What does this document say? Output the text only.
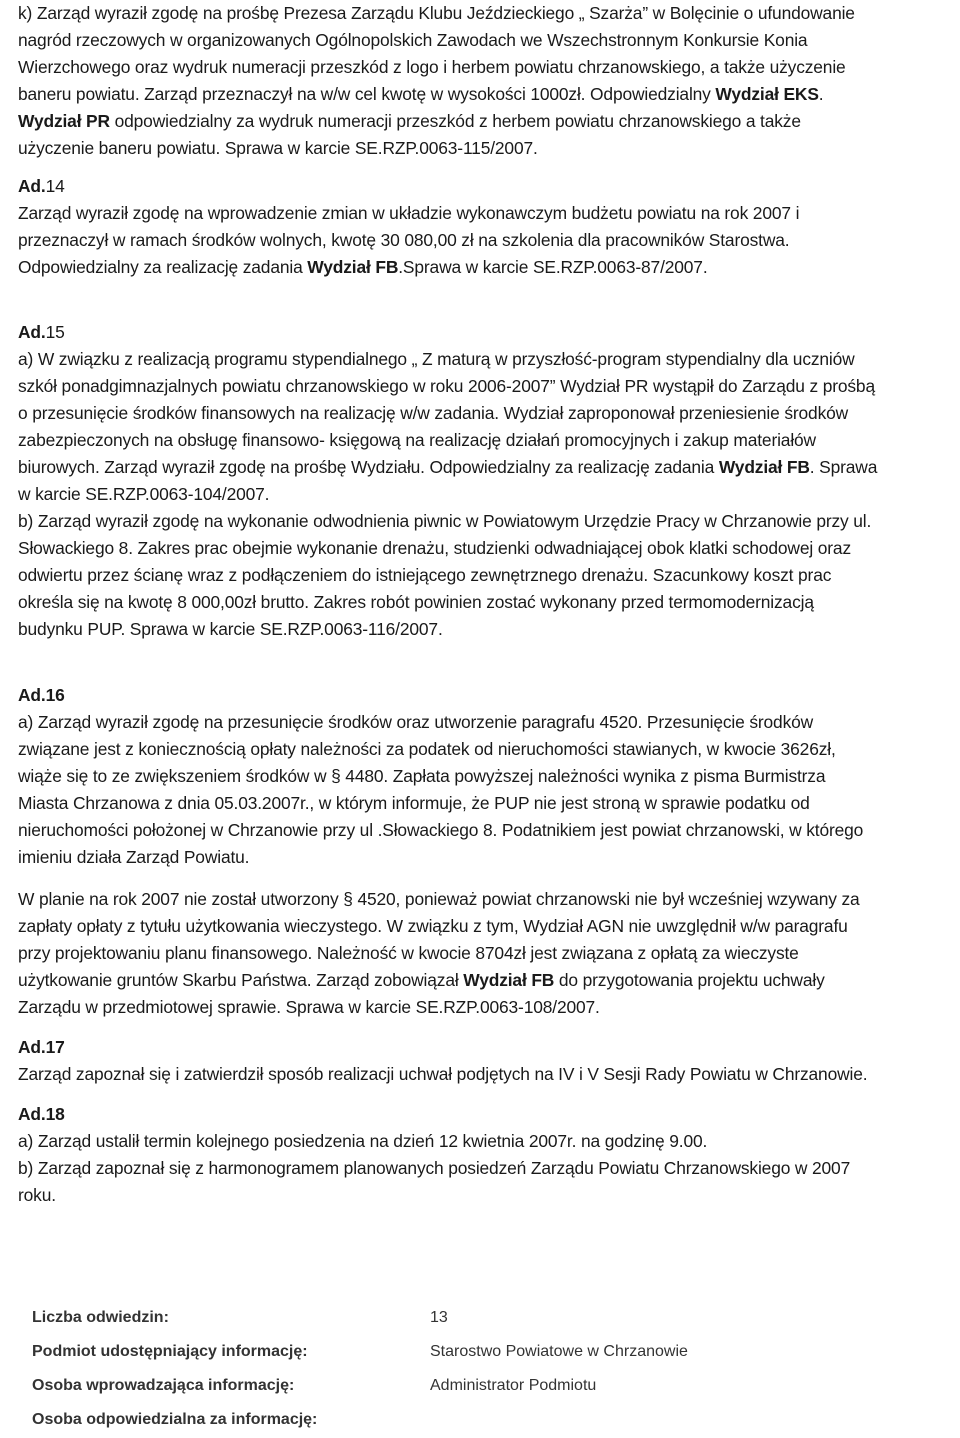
k) Zarząd wyraził zgodę na prośbę Prezesa Zarządu Klubu Jeździeckiego „ Szarża” w Bolęcinie o ufundowanie
nagród rzeczowych w organizowanych Ogólnopolskich Zawodach we Wszechstronnym Konkursie Konia
Wierzchowego oraz wydruk numeracji przeszkód z logo i herbem powiatu chrzanowskiego, a także użyczenie
baneru powiatu. Zarząd przeznaczył na w/w cel kwotę w wysokości 1000zł. Odpowiedzialny Wydział EKS.
Wydział PR odpowiedzialny za wydruk numeracji przeszkód z herbem powiatu chrzanowskiego a także
użyczenie baneru powiatu. Sprawa w karcie SE.RZP.0063-115/2007.
Ad.14
Zarząd wyraził zgodę na wprowadzenie zmian w układzie wykonawczym budżetu powiatu na rok 2007 i
przeznaczył w ramach środków wolnych, kwotę 30 080,00 zł na szkolenia dla pracowników Starostwa.
Odpowiedzialny za realizację zadania Wydział FB.Sprawa w karcie SE.RZP.0063-87/2007.
Ad.15
a) W związku z realizacją programu stypendialnego „ Z maturą w przyszłość-program stypendialny dla uczniów
szkół ponadgimnazjalnych powiatu chrzanowskiego w roku 2006-2007” Wydział PR wystąpił do Zarządu z prośbą
o przesunięcie środków finansowych na realizację w/w zadania. Wydział zaproponował przeniesienie środków
zabezpieczonych na obsługę finansowo- księgową na realizację działań promocyjnych i zakup materiałów
biurowych. Zarząd wyraził zgodę na prośbę Wydziału. Odpowiedzialny za realizację zadania Wydział FB. Sprawa
w karcie SE.RZP.0063-104/2007.
b) Zarząd wyraził zgodę na wykonanie odwodnienia piwnic w Powiatowym Urzędzie Pracy w Chrzanowie przy ul.
Słowackiego 8. Zakres prac obejmie wykonanie drenażu, studzienki odwadniającej obok klatki schodowej oraz
odwiertu przez ścianę wraz z podłączeniem do istniejącego zewnętrznego drenażu. Szacunkowy koszt prac
określa się na kwotę 8 000,00zł brutto. Zakres robót powinien zostać wykonany przed termomodernizacją
budynku PUP. Sprawa w karcie SE.RZP.0063-116/2007.
Ad.16
a) Zarząd wyraził zgodę na przesunięcie środków oraz utworzenie paragrafu 4520. Przesunięcie środków
związane jest z koniecznością opłaty należności za podatek od nieruchomości stawianych, w kwocie 3626zł,
wiąże się to ze zwiększeniem środków w § 4480. Zapłata powyższej należności wynika z pisma Burmistrza
Miasta Chrzanowa z dnia 05.03.2007r., w którym informuje, że PUP nie jest stroną w sprawie podatku od
nieruchomości położonej w Chrzanowie przy ul .Słowackiego 8. Podatnikiem jest powiat chrzanowski, w którego
imieniu działa Zarząd Powiatu.
W planie na rok 2007 nie został utworzony § 4520, ponieważ powiat chrzanowski nie był wcześniej wzywany za
zapłaty opłaty z tytułu użytkowania wieczystego. W związku z tym, Wydział AGN nie uwzględnił w/w paragrafu
przy projektowaniu planu finansowego. Należność w kwocie 8704zł jest związana z opłatą za wieczyste
użytkowanie gruntów Skarbu Państwa. Zarząd zobowiązał Wydział FB do przygotowania projektu uchwały
Zarządu w przedmiotowej sprawie. Sprawa w karcie SE.RZP.0063-108/2007.
Ad.17
Zarząd zapoznał się i zatwierdził sposób realizacji uchwał podjętych na IV i V Sesji Rady Powiatu w Chrzanowie.
Ad.18
a) Zarząd ustalił termin kolejnego posiedzenia na dzień 12 kwietnia 2007r. na godzinę 9.00.
b) Zarząd zapoznał się z harmonogramem planowanych posiedzeń Zarządu Powiatu Chrzanowskiego w 2007
roku.
Liczba odwiedzin:	13
Podmiot udostępniający informację:	Starostwo Powiatowe w Chrzanowie
Osoba wprowadzająca informację:	Administrator Podmiotu
Osoba odpowiedzialna za informację:
